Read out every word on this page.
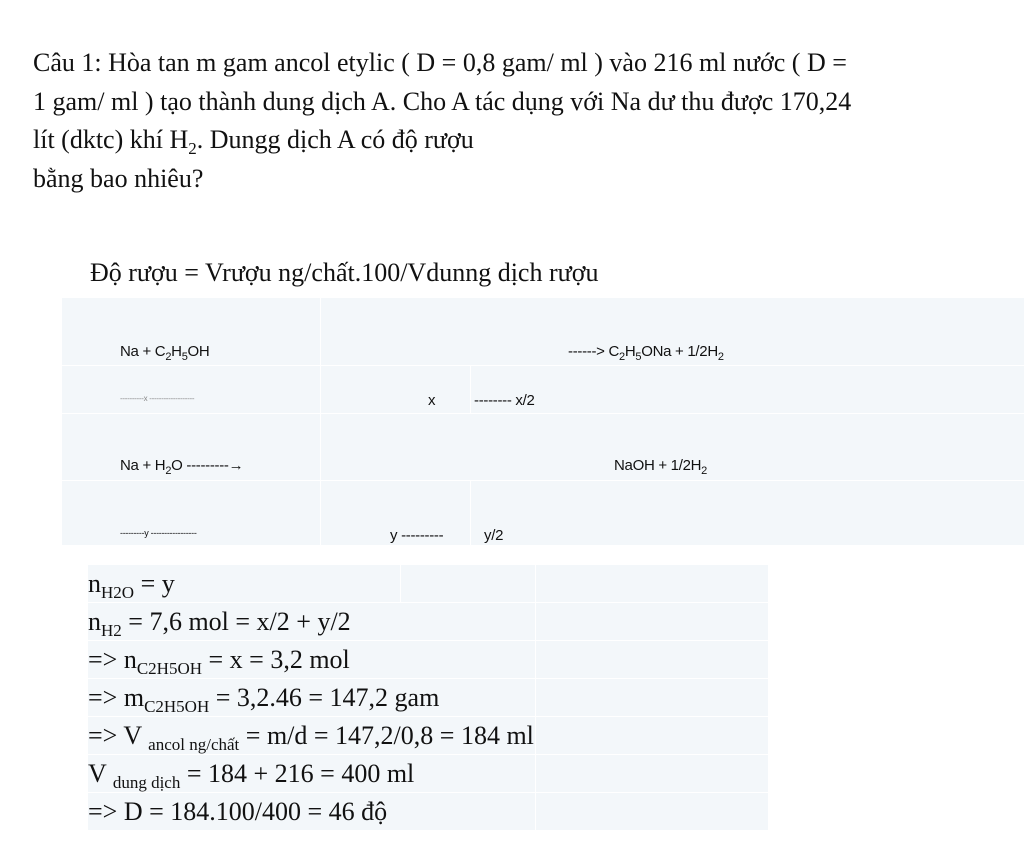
Câu 1: Hòa tan m gam ancol etylic ( D = 0,8 gam/ ml ) vào 216 ml nước ( D =
1 gam/ ml ) tạo thành dung dịch A. Cho A tác dụng với Na dư thu được 170,24
lít (dktc) khí $H_2$. Dungg dịch A có độ rượu
bằng bao nhiêu?
Độ rượu = Vrượu ng/chất.100/Vdunng dịch rượu
$Na + C_2H_5OH$	------> $C_2H_5ONa + 1/2H_2$
----------x -------------------	x	-------- x/2
$Na + H_2O$ ---------→	NaOH + $1/2H_2$
---------y -----------------	y ---------	y/2
$n_{H2O} = y$
$n_{H2} = 7,6$ mol = x/2 + y/2
=> $n_{C2H5OH} = x = 3,2$ mol
=> $m_{C2H5OH} = 3,2.46 = 147,2$ gam
=> V $_{ancol ng/chất}$ = m/d = 147,2/0,8 = 184 ml
V $_{dung dịch}$ = 184 + 216 = 400 ml
=> D = 184.100/400 = 46 độ
